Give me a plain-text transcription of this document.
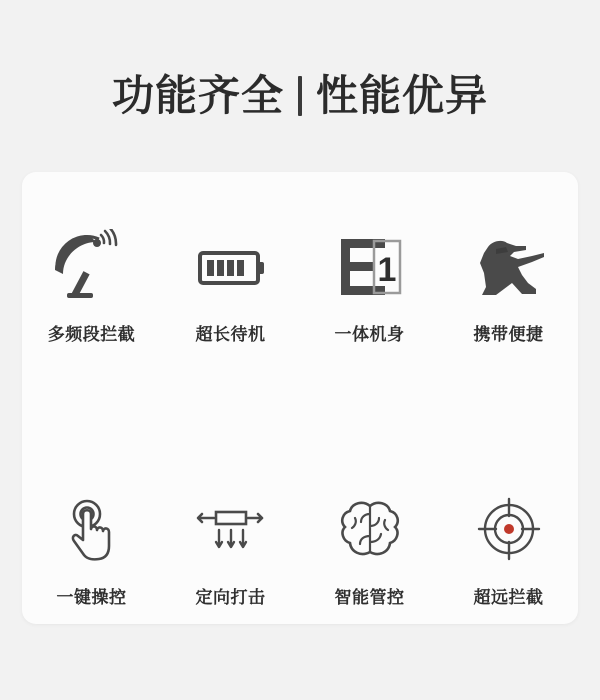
功能齐全 性能优异
多频段拦截	超长待机
1
一体机身	携带便捷
一键操控	定向打击	智能管控	超远拦截
